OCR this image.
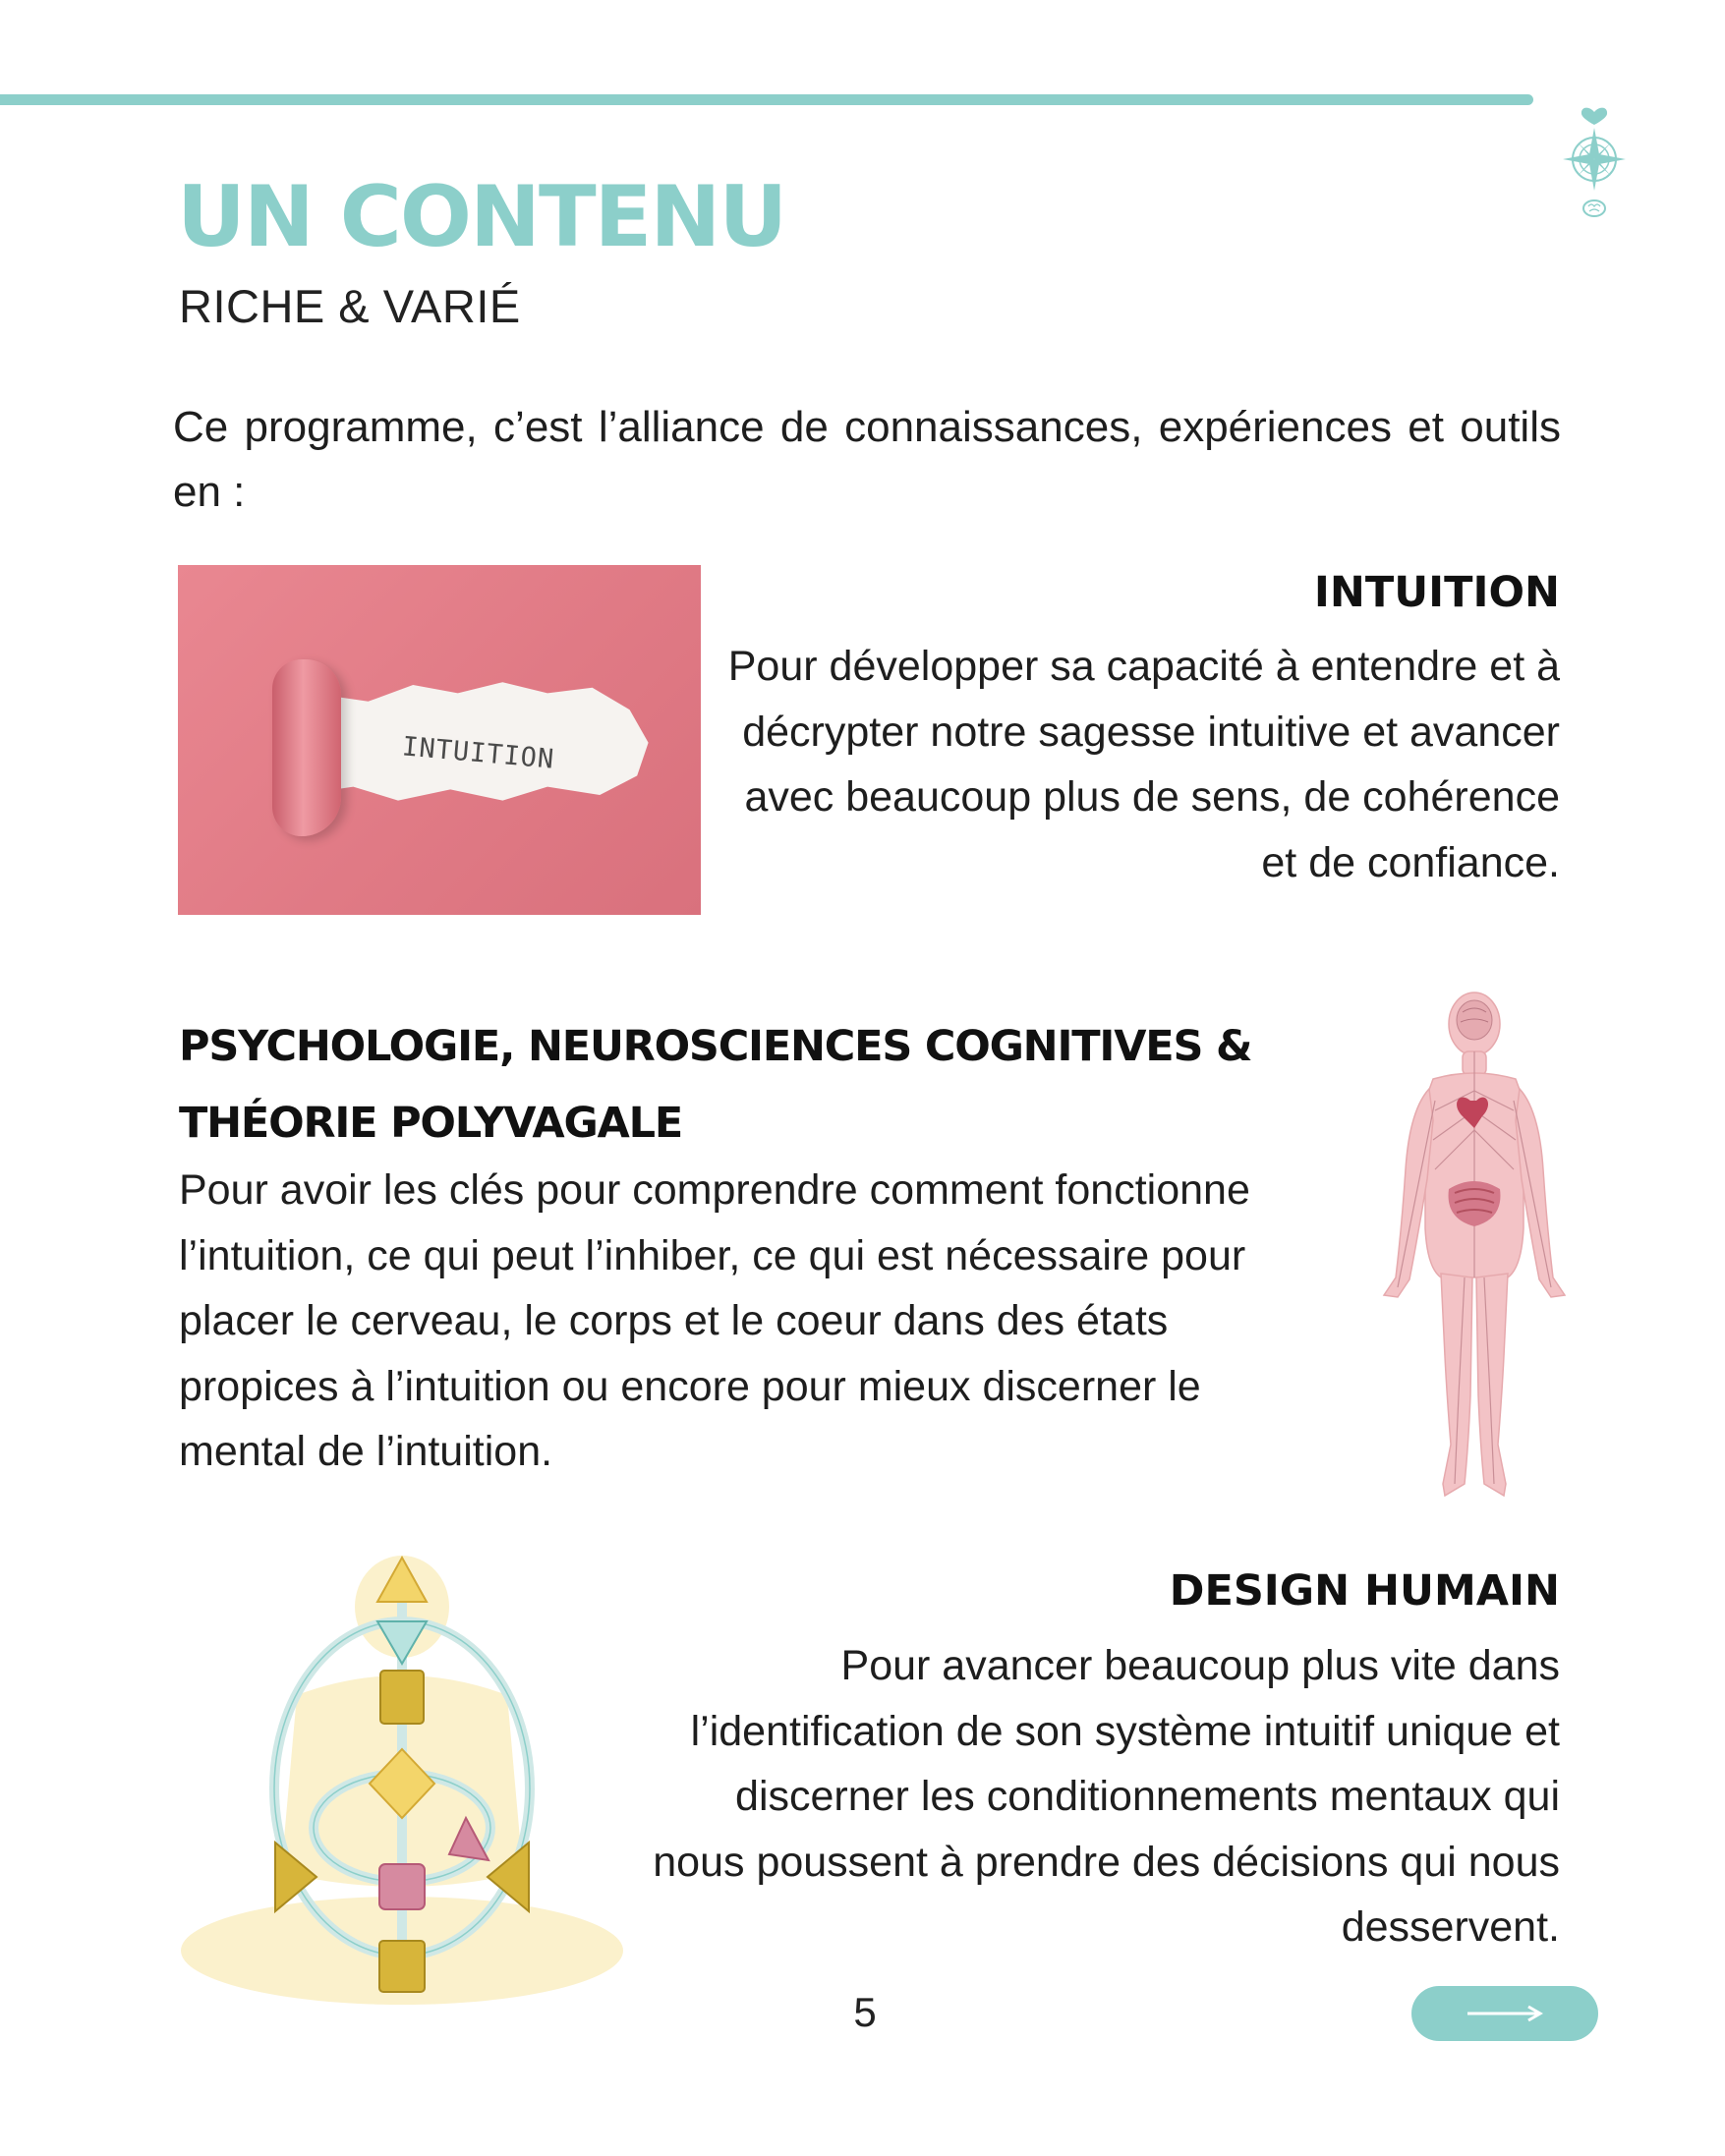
UN CONTENU
RICHE & VARIÉ

Ce programme, c’est l’alliance de connaissances, expériences et outils en :

INTUITION
INTUITION

Pour développer sa capacité à entendre et à décrypter notre sagesse intuitive et avancer avec beaucoup plus de sens, de cohérence et de confiance.

PSYCHOLOGIE, NEUROSCIENCES COGNITIVES & THÉORIE POLYVAGALE

Pour avoir les clés pour comprendre comment fonctionne l’intuition, ce qui peut l’inhiber, ce qui est nécessaire pour placer le cerveau, le corps et le coeur dans des états propices à l’intuition ou encore pour mieux discerner le mental de l’intuition.

DESIGN HUMAIN

Pour avancer beaucoup plus vite dans l’identification de son système intuitif unique et discerner les conditionnements mentaux qui nous poussent à prendre des décisions qui nous desservent.

5
